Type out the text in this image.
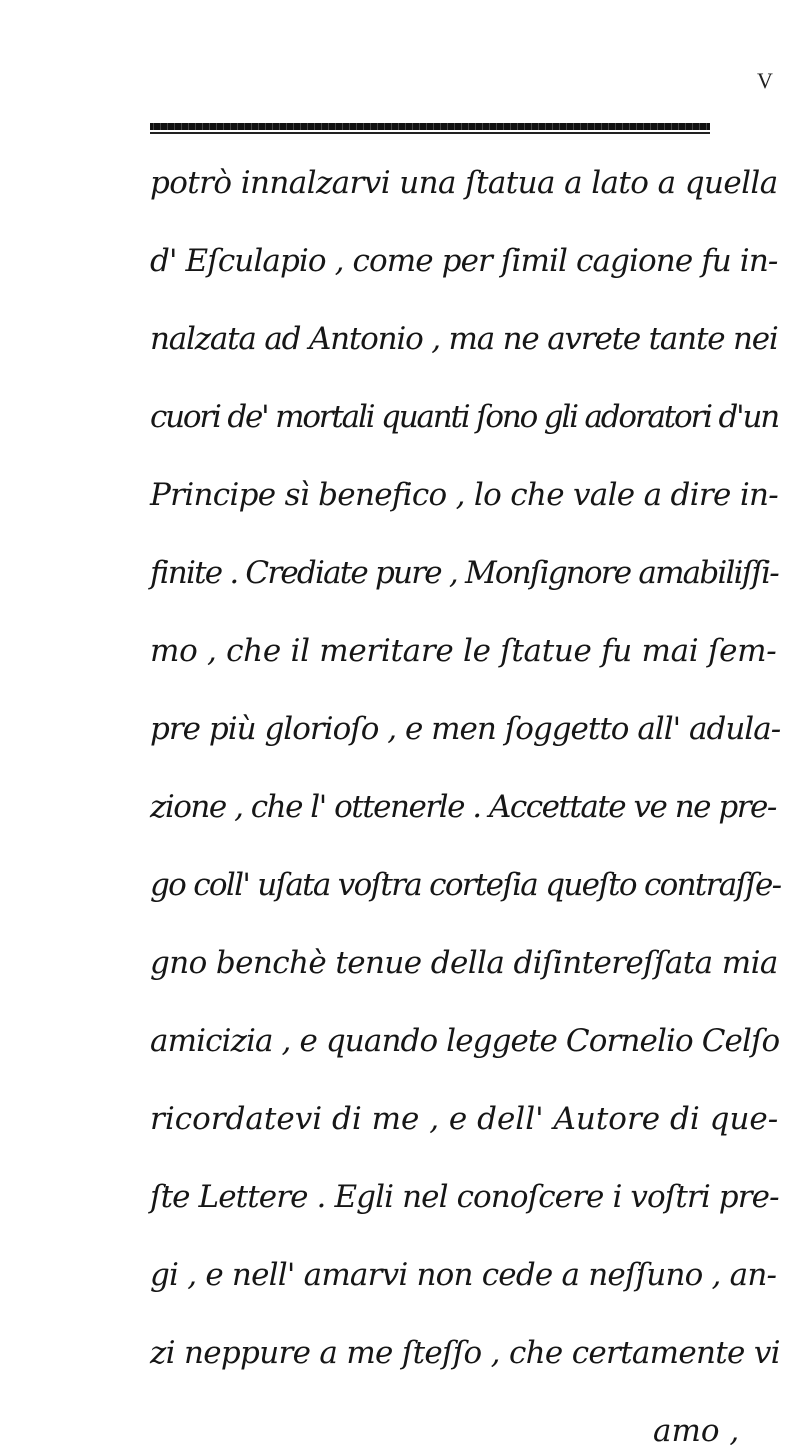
V
potrò innalzarvi una ſtatua a lato a quella
d' Eſculapio , come per ſimil cagione fu in-
nalzata ad Antonio , ma ne avrete tante nei
cuori de' mortali quanti ſono gli adoratori d'un
Principe sì benefico , lo che vale a dire in-
finite . Crediate pure , Monſignore amabiliſſi-
mo , che il meritare le ſtatue fu mai ſem-
pre più glorioſo , e men ſoggetto all' adula-
zione , che l' ottenerle . Accettate ve ne pre-
go coll' uſata voſtra corteſia queſto contraſſe-
gno benchè tenue della diſintereſſata mia
amicizia , e quando leggete Cornelio Celſo
ricordatevi di me , e dell' Autore di que-
ſte Lettere . Egli nel conoſcere i voſtri pre-
gi , e nell' amarvi non cede a neſſuno , an-
zi neppure a me ſteſſo , che certamente vi
amo ,
